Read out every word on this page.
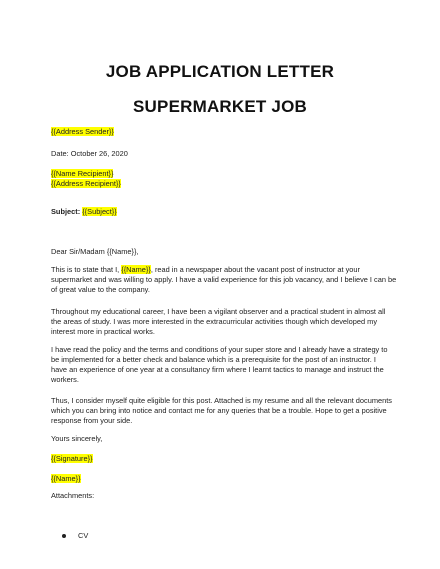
JOB APPLICATION LETTER
SUPERMARKET JOB
{{Address Sender}}
Date: October 26, 2020
{{Name Recipient}}
{{Address Recipient}}
Subject: {{Subject}}
Dear Sir/Madam {{Name}},
This is to state that I, {{Name}}, read in a newspaper about the vacant post of instructor at your
supermarket and was willing to apply. I have a valid experience for this job vacancy, and I believe I can be
of great value to the company.
Throughout my educational career, I have been a vigilant observer and a practical student in almost all
the areas of study. I was more interested in the extracurricular activities though which developed my
interest more in practical works.
I have read the policy and the terms and conditions of your super store and I already have a strategy to
be implemented for a better check and balance which is a prerequisite for the post of an instructor. I
have an experience of one year at a consultancy firm where I learnt tactics to manage and instruct the
workers.
Thus, I consider myself quite eligible for this post. Attached is my resume and all the relevant documents
which you can bring into notice and contact me for any queries that be a trouble. Hope to get a positive
response from your side.
Yours sincerely,
{{Signature}}
{{Name}}
Attachments:
CV
